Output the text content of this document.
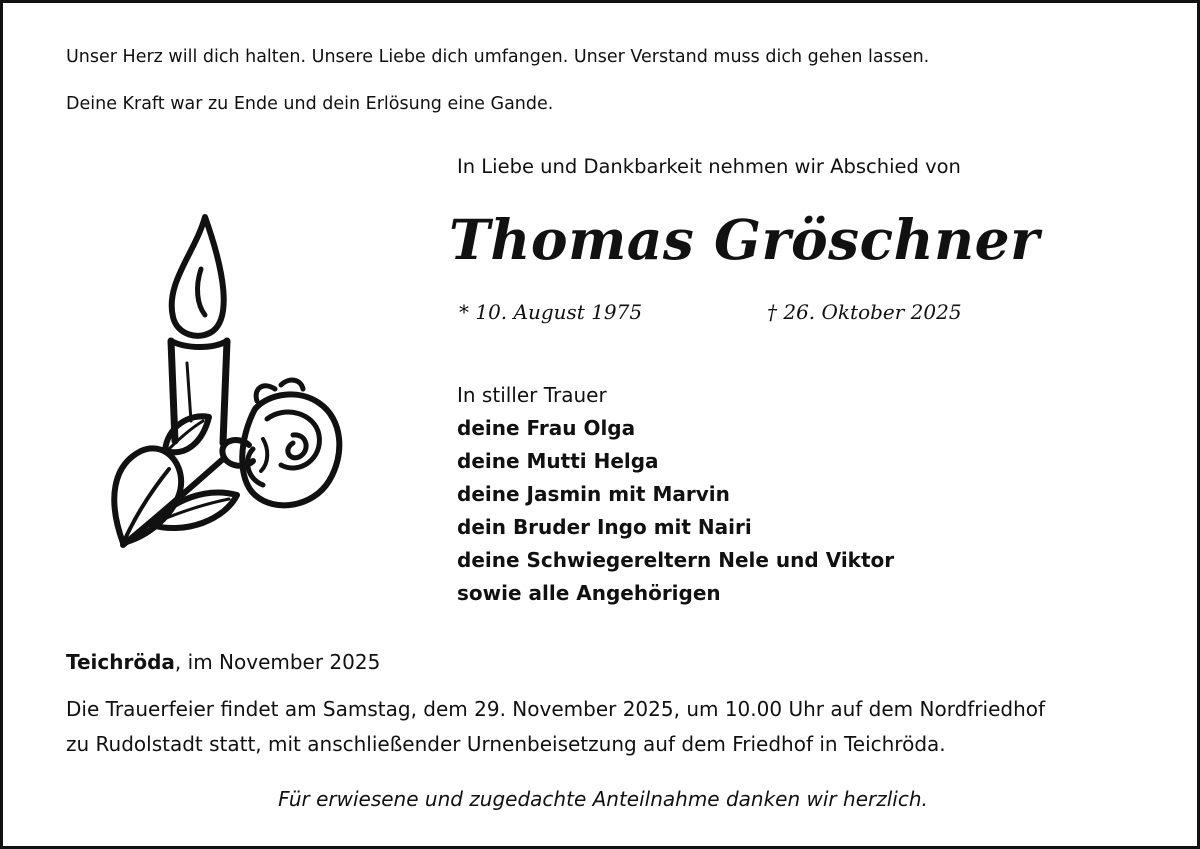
Unser Herz will dich halten. Unsere Liebe dich umfangen. Unser Verstand muss dich gehen lassen.

Deine Kraft war zu Ende und dein Erlösung eine Gande.

In Liebe und Dankbarkeit nehmen wir Abschied von

Thomas Gröschner

* 10. August 1975	† 26. Oktober 2025

In stiller Trauer

deine Frau Olga

deine Mutti Helga

deine Jasmin mit Marvin

dein Bruder Ingo mit Nairi

deine Schwiegereltern Nele und Viktor

sowie alle Angehörigen

Teichröda, im November 2025

Die Trauerfeier findet am Samstag, dem 29. November 2025, um 10.00 Uhr auf dem Nordfriedhof

zu Rudolstadt statt, mit anschließender Urnenbeisetzung auf dem Friedhof in Teichröda.

Für erwiesene und zugedachte Anteilnahme danken wir herzlich.
